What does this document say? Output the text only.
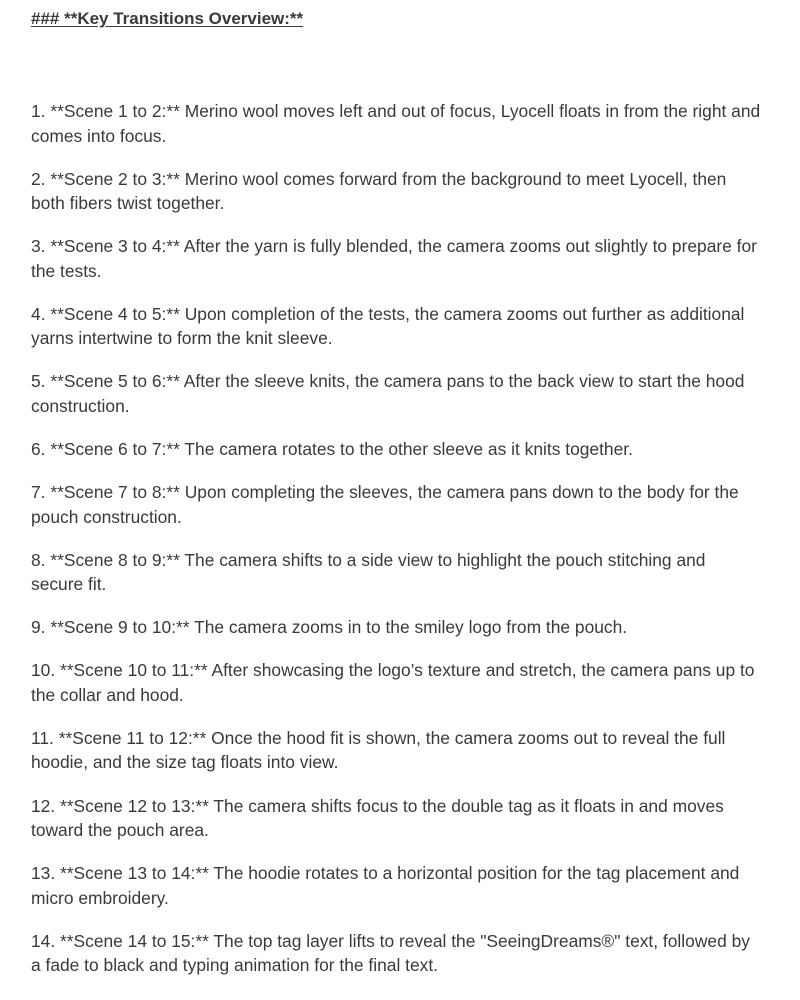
### **Key Transitions Overview:**
1. **Scene 1 to 2:** Merino wool moves left and out of focus, Lyocell floats in from the right and comes into focus.
2. **Scene 2 to 3:** Merino wool comes forward from the background to meet Lyocell, then both fibers twist together.
3. **Scene 3 to 4:** After the yarn is fully blended, the camera zooms out slightly to prepare for the tests.
4. **Scene 4 to 5:** Upon completion of the tests, the camera zooms out further as additional yarns intertwine to form the knit sleeve.
5. **Scene 5 to 6:** After the sleeve knits, the camera pans to the back view to start the hood construction.
6. **Scene 6 to 7:** The camera rotates to the other sleeve as it knits together.
7. **Scene 7 to 8:** Upon completing the sleeves, the camera pans down to the body for the pouch construction.
8. **Scene 8 to 9:** The camera shifts to a side view to highlight the pouch stitching and secure fit.
9. **Scene 9 to 10:** The camera zooms in to the smiley logo from the pouch.
10. **Scene 10 to 11:** After showcasing the logo’s texture and stretch, the camera pans up to the collar and hood.
11. **Scene 11 to 12:** Once the hood fit is shown, the camera zooms out to reveal the full hoodie, and the size tag floats into view.
12. **Scene 12 to 13:** The camera shifts focus to the double tag as it floats in and moves toward the pouch area.
13. **Scene 13 to 14:** The hoodie rotates to a horizontal position for the tag placement and micro embroidery.
14. **Scene 14 to 15:** The top tag layer lifts to reveal the "SeeingDreams®" text, followed by a fade to black and typing animation for the final text.
